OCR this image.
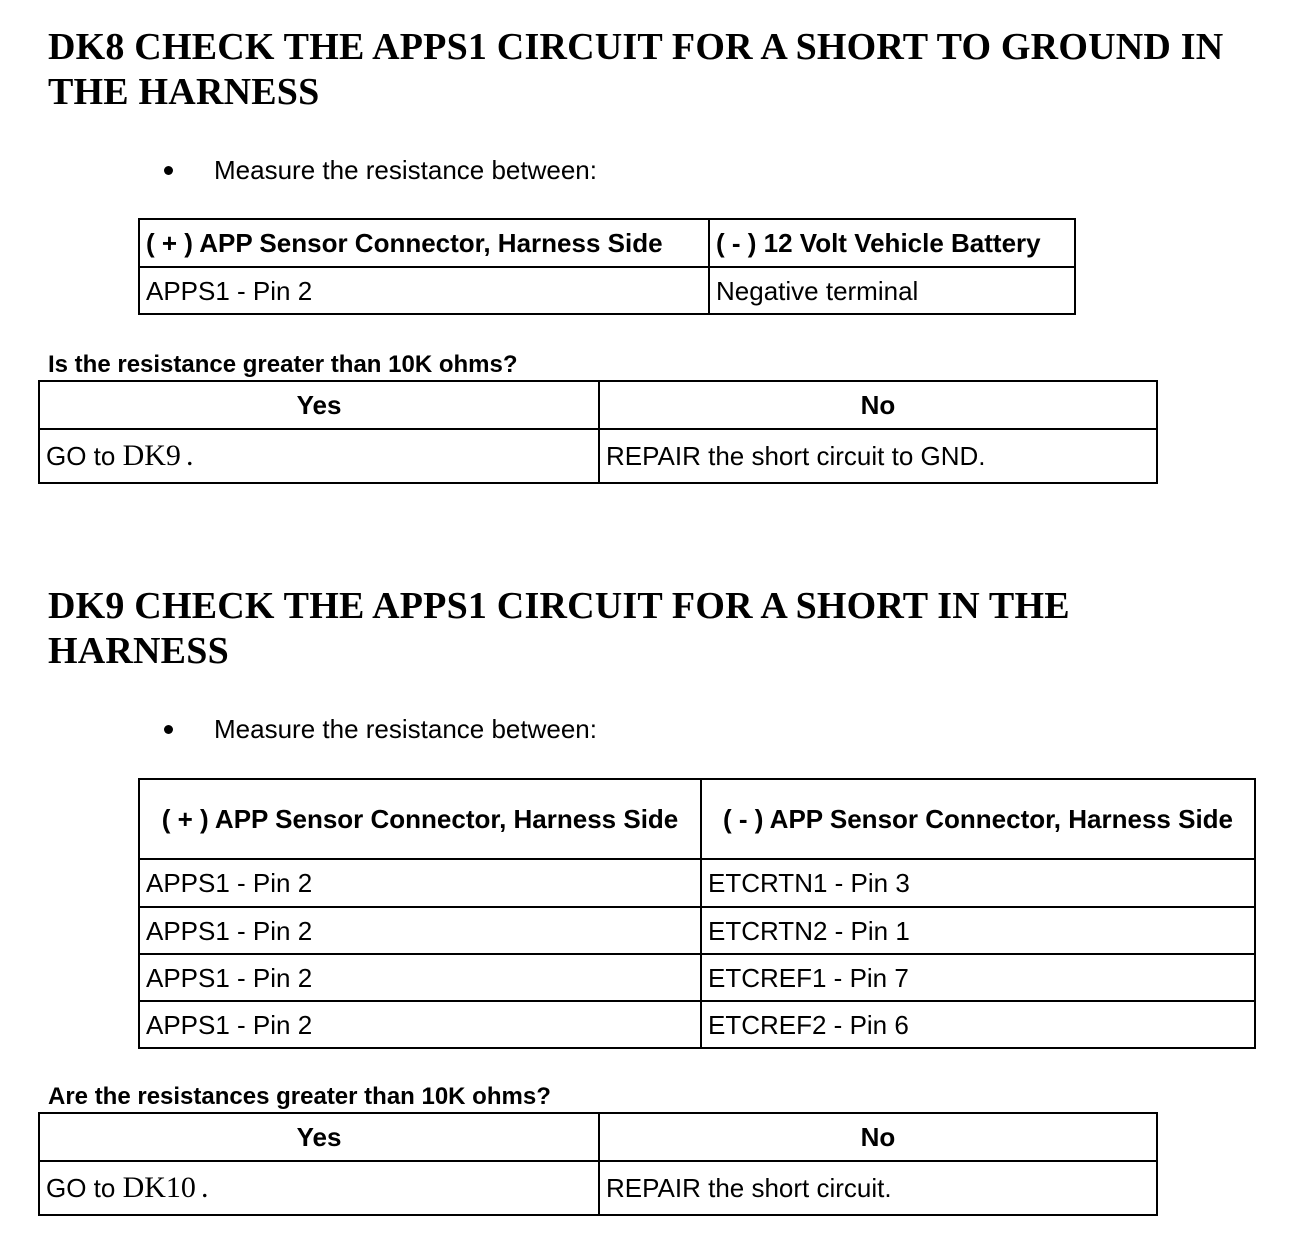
DK8 CHECK THE APPS1 CIRCUIT FOR A SHORT TO GROUND IN THE HARNESS
Measure the resistance between:
( + ) APP Sensor Connector, Harness Side	( - ) 12 Volt Vehicle Battery
APPS1 - Pin 2	Negative terminal

Is the resistance greater than 10K ohms?

Yes	No
GO to DK9 .	REPAIR the short circuit to GND.
DK9 CHECK THE APPS1 CIRCUIT FOR A SHORT IN THE HARNESS
Measure the resistance between:
( + ) APP Sensor Connector, Harness Side	( - ) APP Sensor Connector, Harness Side
APPS1 - Pin 2	ETCRTN1 - Pin 3
APPS1 - Pin 2	ETCRTN2 - Pin 1
APPS1 - Pin 2	ETCREF1 - Pin 7
APPS1 - Pin 2	ETCREF2 - Pin 6

Are the resistances greater than 10K ohms?

Yes	No
GO to DK10 .	REPAIR the short circuit.
